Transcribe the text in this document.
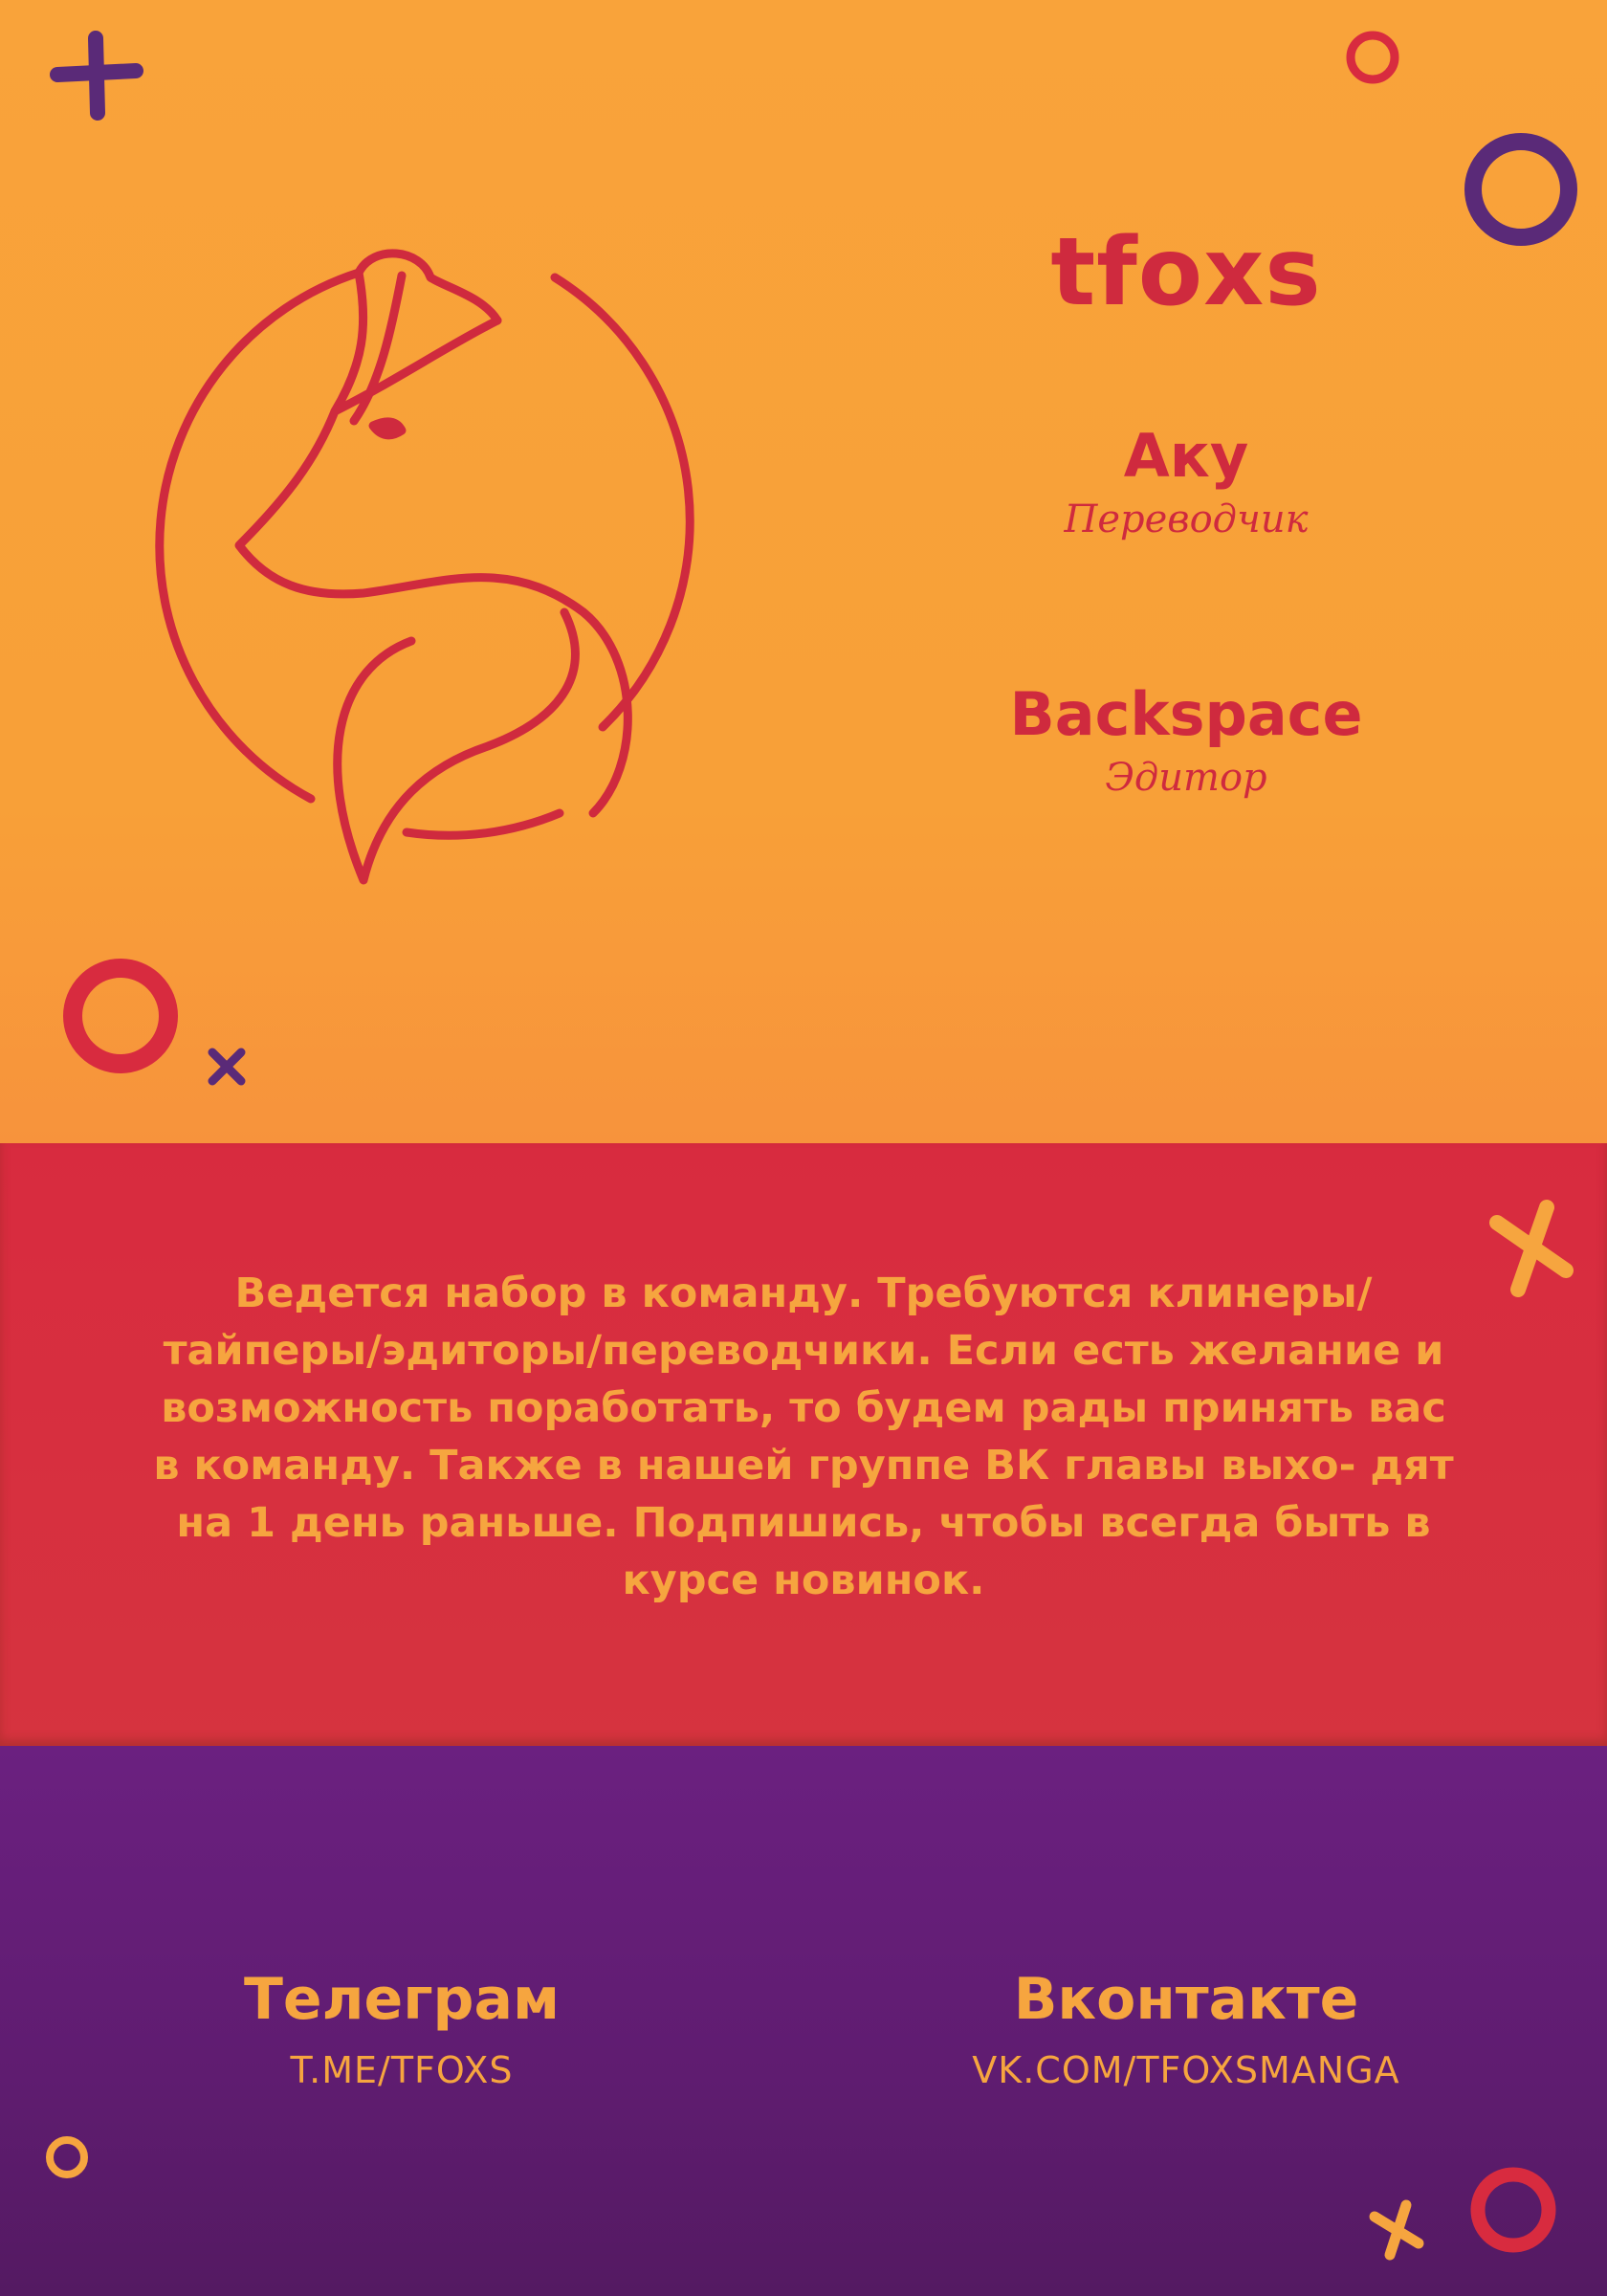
tfoxs
Аку
Переводчик
Backspace
Эдитор

Ведется набор в команду. Требуются клинеры/ тайперы/эдиторы/переводчики. Если есть желание и возможность поработать, то будем рады принять вас в команду. Также в нашей группе ВК главы выхо- дят на 1 день раньше. Подпишись, чтобы всегда быть в курсе новинок.

Телеграм
T.ME/TFOXS
Вконтакте
VK.COM/TFOXSMANGA
